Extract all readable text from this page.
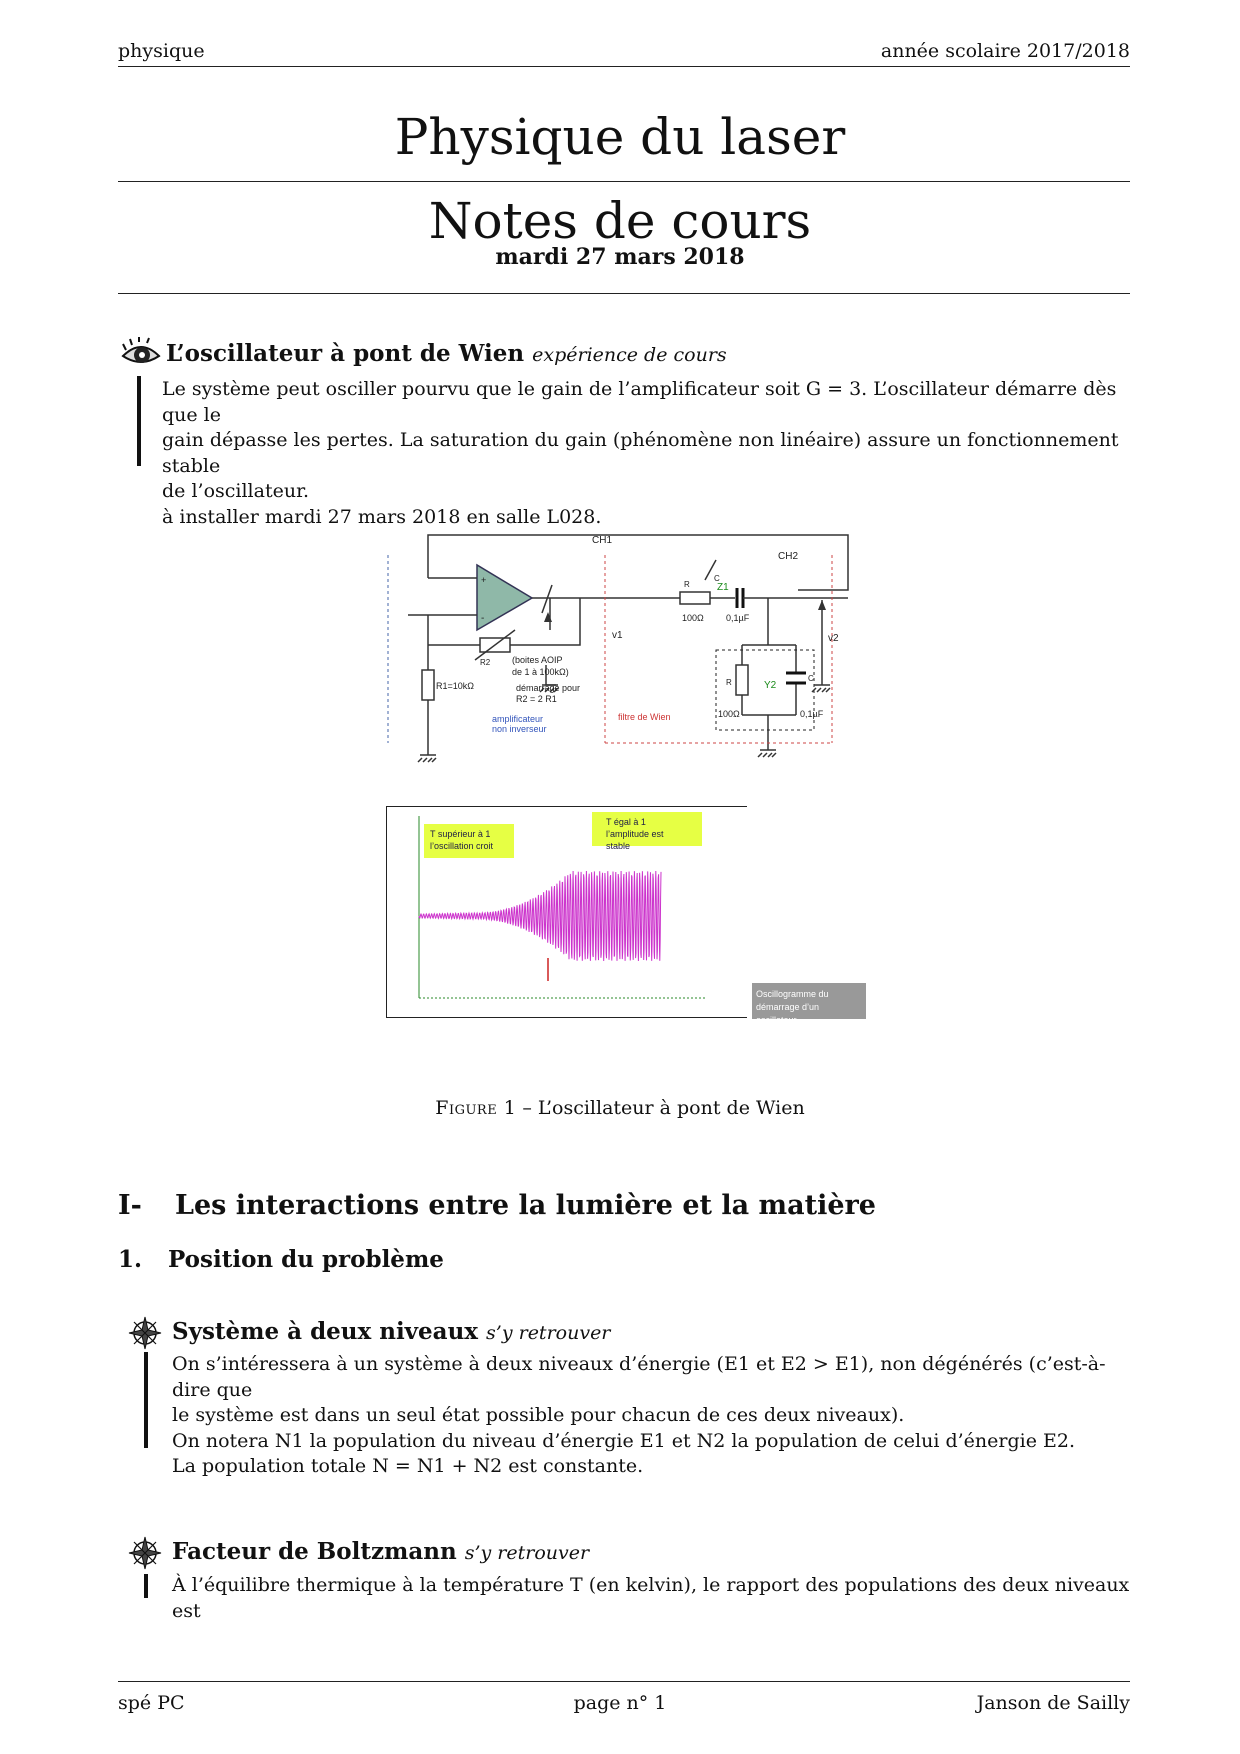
physique	année scolaire 2017/2018
Physique du laser
Notes de cours
mardi 27 mars 2018
L’oscillateur à pont de Wien expérience de cours
Le système peut osciller pourvu que le gain de l’amplificateur soit G = 3. L’oscillateur démarre dès que le
gain dépasse les pertes. La saturation du gain (phénomène non linéaire) assure un fonctionnement stable
de l’oscillateur.
à installer mardi 27 mars 2018 en salle L028.
CH1
CH2
R	Z1
C
100Ω 0,1µF
v1	v2
R2 (boites AOIP
de 1 à 100kΩ)
démarrage pour
R2 = 2 R1
R1=10kΩ
amplificateur
non inverseur
filtre de Wien
Y2
R	C
100Ω	0,1µF
+
-
T supérieur à 1
l’oscillation croit
T égal à 1
l’amplitude est stable
Oscillogramme du
démarrage d’un oscillateur
Figure 1 – L’oscillateur à pont de Wien
I- Les interactions entre la lumière et la matière
1. Position du problème
Système à deux niveaux s’y retrouver
On s’intéressera à un système à deux niveaux d’énergie (E1 et E2 > E1), non dégénérés (c’est-à-dire que
le système est dans un seul état possible pour chacun de ces deux niveaux).
On notera N1 la population du niveau d’énergie E1 et N2 la population de celui d’énergie E2.
La population totale N = N1 + N2 est constante.
Facteur de Boltzmann s’y retrouver
À l’équilibre thermique à la température T (en kelvin), le rapport des populations des deux niveaux est
spé PC	page n° 1	Janson de Sailly
